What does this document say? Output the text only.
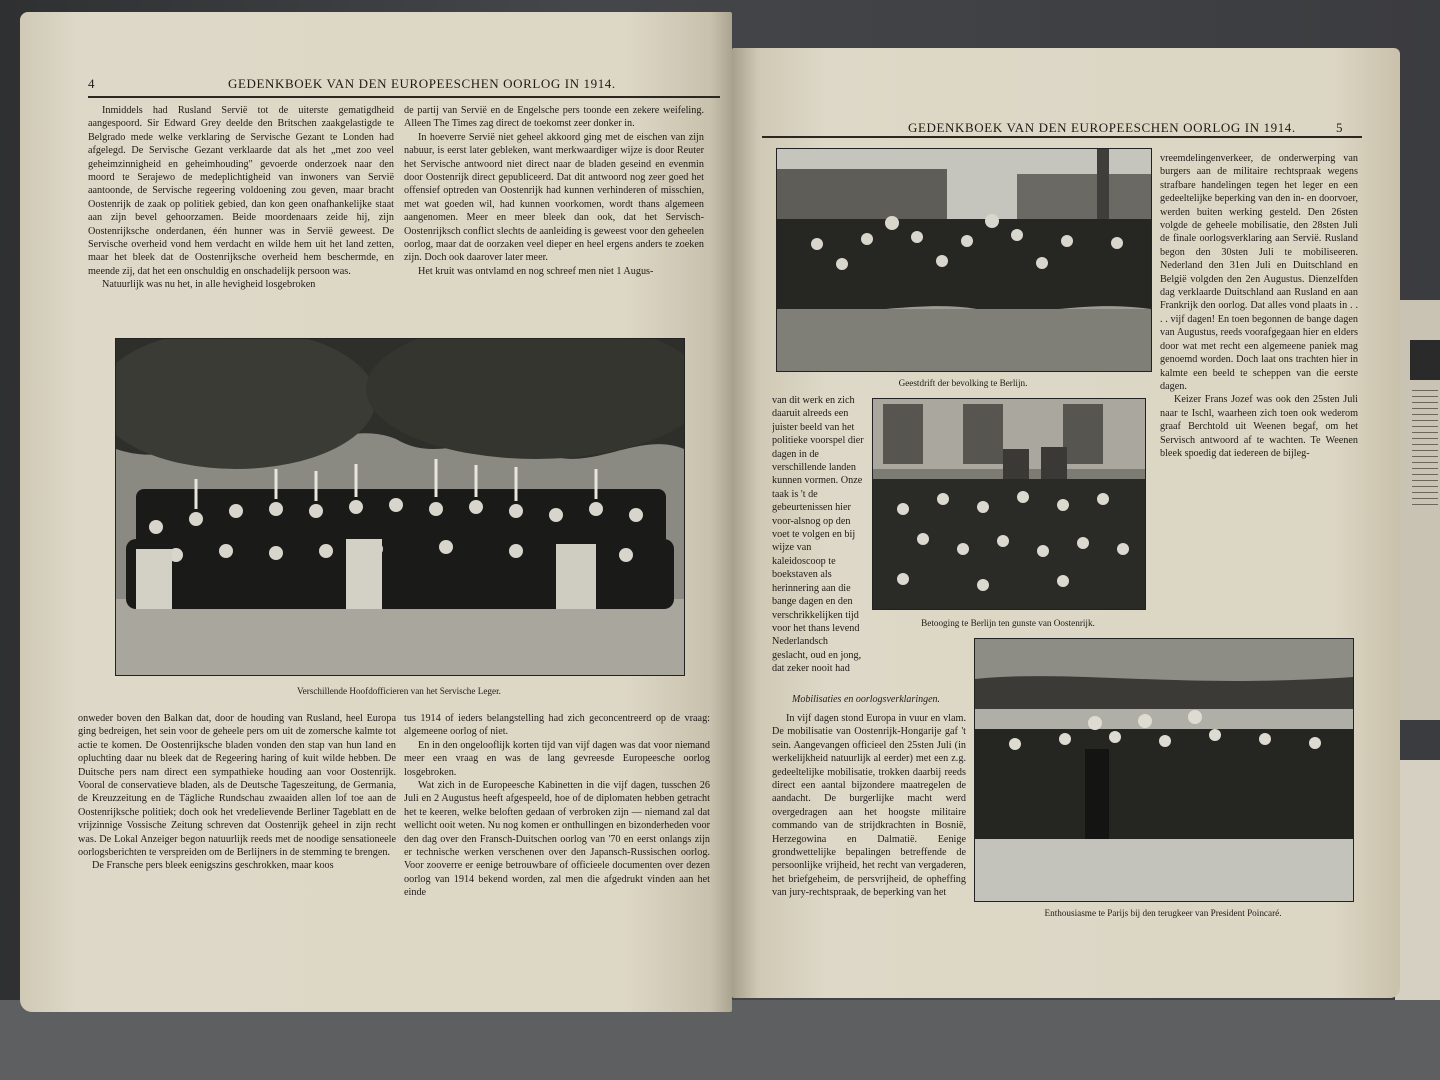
4	GEDENKBOEK VAN DEN EUROPEESCHEN OORLOG IN 1914.

Inmiddels had Rusland Servië tot de uiterste gematigdheid aangespoord. Sir Edward Grey deelde den Britschen zaakgelastigde te Belgrado mede welke verklaring de Servische Gezant te Londen had afgelegd. De Servische Gezant verklaarde dat als het „met zoo veel geheimzinnigheid en geheimhouding" gevoerde onderzoek naar den moord te Serajewo de medeplichtigheid van inwoners van Servië aantoonde, de Servische regeering voldoening zou geven, maar bracht Oostenrijk de zaak op politiek gebied, dan kon geen onafhankelijke staat aan zijn bevel gehoorzamen. Beide moordenaars zeide hij, zijn Oostenrijksche onderdanen, één hunner was in Servië geweest. De Servische overheid vond hem verdacht en wilde hem uit het land zetten, maar het bleek dat de Oostenrijksche overheid hem beschermde, en meende zij, dat het een onschuldig en onschadelijk persoon was.

Natuurlijk was nu het, in alle hevigheid losgebroken

de partij van Servië en de Engelsche pers toonde een zekere weifeling. Alleen The Times zag direct de toekomst zeer donker in.

In hoeverre Servië niet geheel akkoord ging met de eischen van zijn nabuur, is eerst later gebleken, want merkwaardiger wijze is door Reuter het Servische antwoord niet direct naar de bladen geseind en evenmin door Oostenrijk direct gepubliceerd. Dat dit antwoord nog zeer goed het offensief optreden van Oostenrijk had kunnen verhinderen of misschien, met wat goeden wil, had kunnen voorkomen, wordt thans algemeen aangenomen. Meer en meer bleek dan ook, dat het Servisch-Oostenrijksch conflict slechts de aanleiding is geweest voor den geheelen oorlog, maar dat de oorzaken veel dieper en heel ergens anders te zoeken zijn. Doch ook daarover later meer.

Het kruit was ontvlamd en nog schreef men niet 1 Augus-

Verschillende Hoofdofficieren van het Servische Leger.

onweder boven den Balkan dat, door de houding van Rusland, heel Europa ging bedreigen, het sein voor de geheele pers om uit de zomersche kalmte tot actie te komen. De Oostenrijksche bladen vonden den stap van hun land en opluchting daar nu bleek dat de Regeering haring of kuit wilde hebben. De Duitsche pers nam direct een sympathieke houding aan voor Oostenrijk. Vooral de conservatieve bladen, als de Deutsche Tageszeitung, de Germania, de Kreuzzeitung en de Tägliche Rundschau zwaaiden allen lof toe aan de Oostenrijksche politiek; doch ook het vredelievende Berliner Tageblatt en de vrijzinnige Vossische Zeitung schreven dat Oostenrijk geheel in zijn recht was. De Lokal Anzeiger begon natuurlijk reeds met de noodige sensationeele oorlogsberichten te verspreiden om de Berlijners in de stemming te brengen.

De Fransche pers bleek eenigszins geschrokken, maar koos

tus 1914 of ieders belangstelling had zich geconcentreerd op de vraag: algemeene oorlog of niet.

En in den ongelooflijk korten tijd van vijf dagen was dat voor niemand meer een vraag en was de lang gevreesde Europeesche oorlog losgebroken.

Wat zich in de Europeesche Kabinetten in die vijf dagen, tusschen 26 Juli en 2 Augustus heeft afgespeeld, hoe of de diplomaten hebben getracht het te keeren, welke beloften gedaan of verbroken zijn — niemand zal dat wellicht ooit weten. Nu nog komen er onthullingen en bizonderheden voor den dag over den Fransch-Duitschen oorlog van '70 en eerst onlangs zijn er technische werken verschenen over den Japansch-Russischen oorlog. Voor zooverre er eenige betrouwbare of officieele documenten over dezen oorlog van 1914 bekend worden, zal men die afgedrukt vinden aan het einde

GEDENKBOEK VAN DEN EUROPEESCHEN OORLOG IN 1914.	5
Geestdrift der bevolking te Berlijn.
Betooging te Berlijn ten gunste van Oostenrijk.
Enthousiasme te Parijs bij den terugkeer van President Poincaré.

vreemdelingenverkeer, de onderwerping van burgers aan de militaire rechtspraak wegens strafbare handelingen tegen het leger en een gedeeltelijke beperking van den in- en doorvoer, werden buiten werking gesteld. Den 26sten volgde de geheele mobilisatie, den 28sten Juli de finale oorlogsverklaring aan Servië. Rusland begon den 30sten Juli te mobiliseeren. Nederland den 31en Juli en Duitschland en België volgden den 2en Augustus. Dienzelfden dag verklaarde Duitschland aan Rusland en aan Frankrijk den oorlog. Dat alles vond plaats in . . . . vijf dagen! En toen begonnen de bange dagen van Augustus, reeds voorafgegaan hier en elders door wat met recht een algemeene paniek mag genoemd worden. Doch laat ons trachten hier in kalmte een beeld te scheppen van die eerste dagen.

Keizer Frans Jozef was ook den 25sten Juli naar te Ischl, waarheen zich toen ook wederom graaf Berchtold uit Weenen begaf, om het Servisch antwoord af te wachten. Te Weenen bleek spoedig dat iedereen de bijleg-

van dit werk en zich daaruit alreeds een juister beeld van het politieke voorspel dier dagen in de verschillende landen kunnen vormen. Onze taak is 't de gebeurtenissen hier voor-alsnog op den voet te volgen en bij wijze van kaleidoscoop te boekstaven als herinnering aan die bange dagen en den verschrikkelijken tijd voor het thans levend Nederlandsch geslacht, oud en jong, dat zeker nooit had

Mobilisaties en oorlogsverklaringen.

In vijf dagen stond Europa in vuur en vlam. De mobilisatie van Oostenrijk-Hongarije gaf 't sein. Aangevangen officieel den 25sten Juli (in werkelijkheid natuurlijk al eerder) met een z.g. gedeeltelijke mobilisatie, trokken daarbij reeds direct een aantal bijzondere maatregelen de aandacht. De burgerlijke macht werd overgedragen aan het hoogste militaire commando van de strijdkrachten in Bosnië, Herzegowina en Dalmatië. Eenige grondwettelijke bepalingen betreffende de persoonlijke vrijheid, het recht van vergaderen, het briefgeheim, de persvrijheid, de opheffing van jury-rechtspraak, de beperking van het
